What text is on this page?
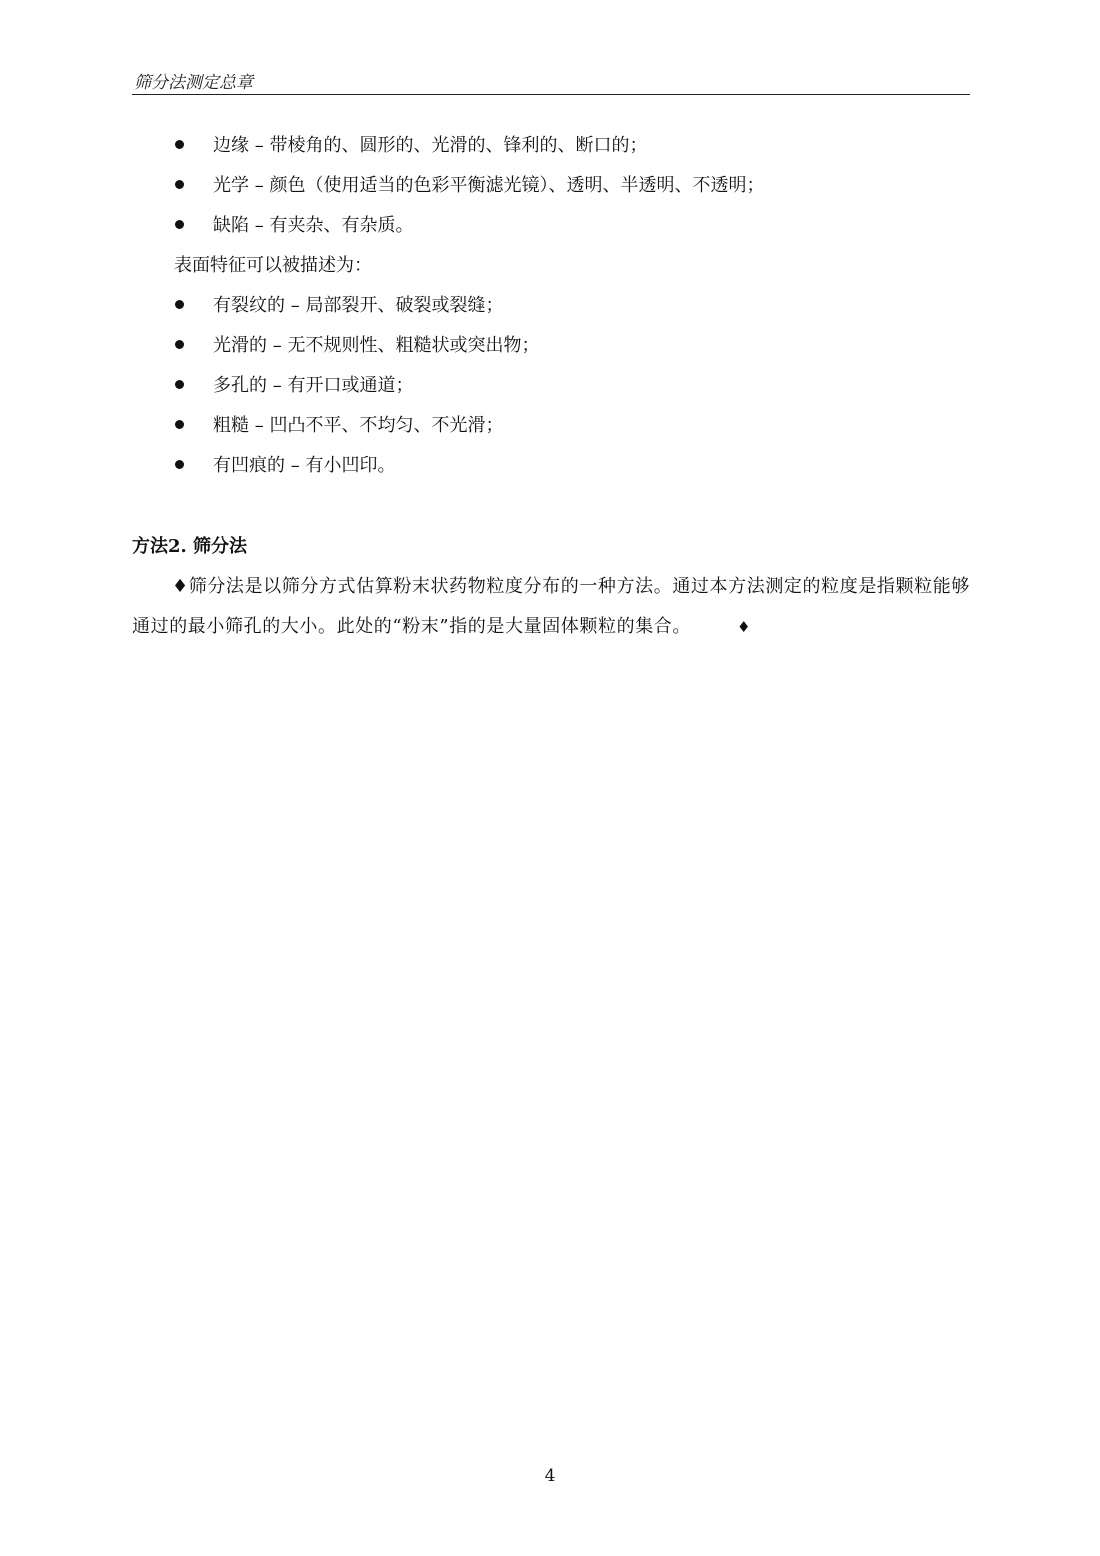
筛分法测定总章
边缘 – 带棱角的、圆形的、光滑的、锋利的、断口的；
光学 – 颜色（使用适当的色彩平衡滤光镜）、透明、半透明、不透明；
缺陷 – 有夹杂、有杂质。
表面特征可以被描述为：
有裂纹的 – 局部裂开、破裂或裂缝；
光滑的 – 无不规则性、粗糙状或突出物；
多孔的 – 有开口或通道；
粗糙 – 凹凸不平、不均匀、不光滑；
有凹痕的 – 有小凹印。
方法2. 筛分法

♦筛分法是以筛分方式估算粉末状药物粒度分布的一种方法。通过本方法测定的粒度是指颗粒能够通过的最小筛孔的大小。此处的“粉末”指的是大量固体颗粒的集合。	♦

4
